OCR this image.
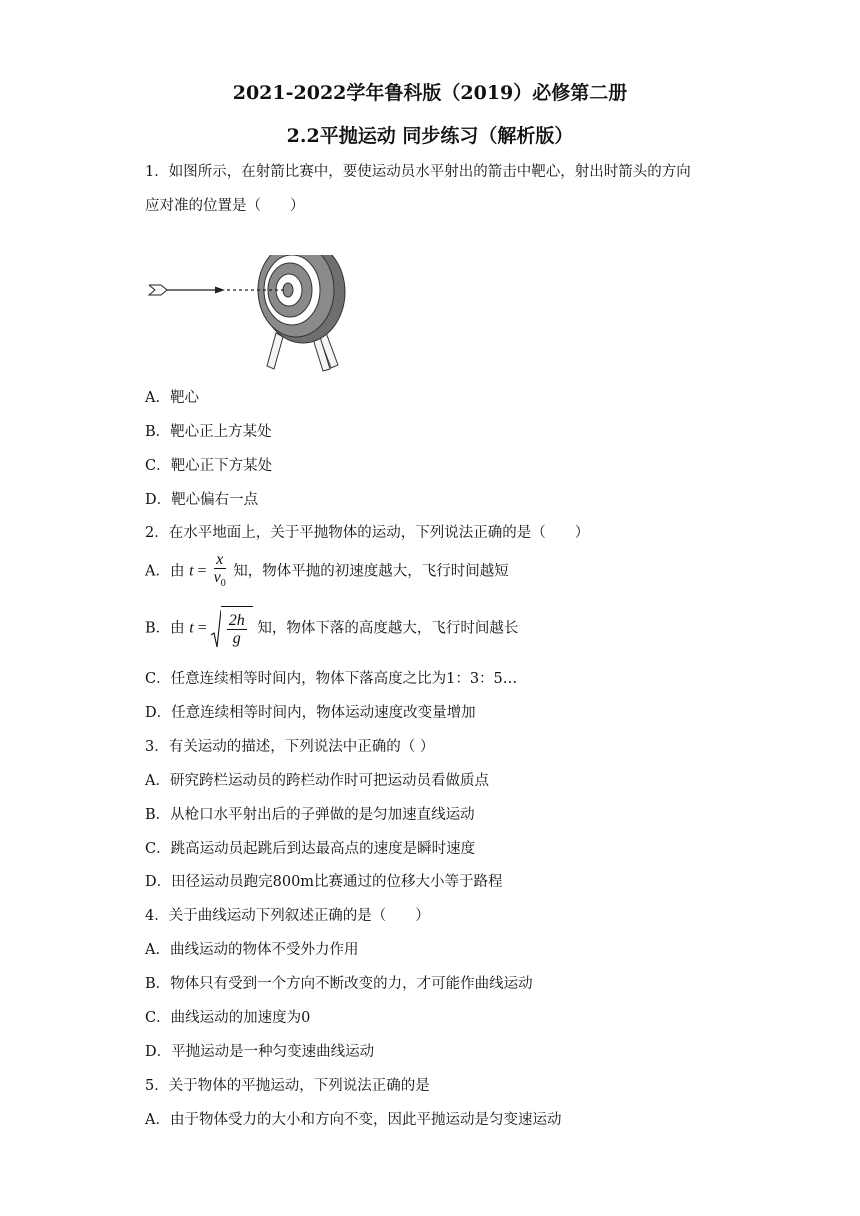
2021-2022学年鲁科版（2019）必修第二册
2.2平抛运动 同步练习（解析版）
1．如图所示，在射箭比赛中，要使运动员水平射出的箭击中靶心，射出时箭头的方向
应对准的位置是（　　）
A．靶心
B．靶心正上方某处
C．靶心正下方某处
D．靶心偏右一点
2．在水平地面上，关于平抛物体的运动，下列说法正确的是（　　）
A．由 $t = \frac{x}{v_0}$ 知，物体平抛的初速度越大，飞行时间越短
B．由 $t = \frac{2h}{g}$ 知，物体下落的高度越大，飞行时间越长
C．任意连续相等时间内，物体下落高度之比为1：3：5…
D．任意连续相等时间内，物体运动速度改变量增加
3．有关运动的描述，下列说法中正确的（ ）
A．研究跨栏运动员的跨栏动作时可把运动员看做质点
B．从枪口水平射出后的子弹做的是匀加速直线运动
C．跳高运动员起跳后到达最高点的速度是瞬时速度
D．田径运动员跑完800m比赛通过的位移大小等于路程
4．关于曲线运动下列叙述正确的是（　　）
A．曲线运动的物体不受外力作用
B．物体只有受到一个方向不断改变的力，才可能作曲线运动
C．曲线运动的加速度为0
D．平抛运动是一种匀变速曲线运动
5．关于物体的平抛运动，下列说法正确的是
A．由于物体受力的大小和方向不变，因此平抛运动是匀变速运动
